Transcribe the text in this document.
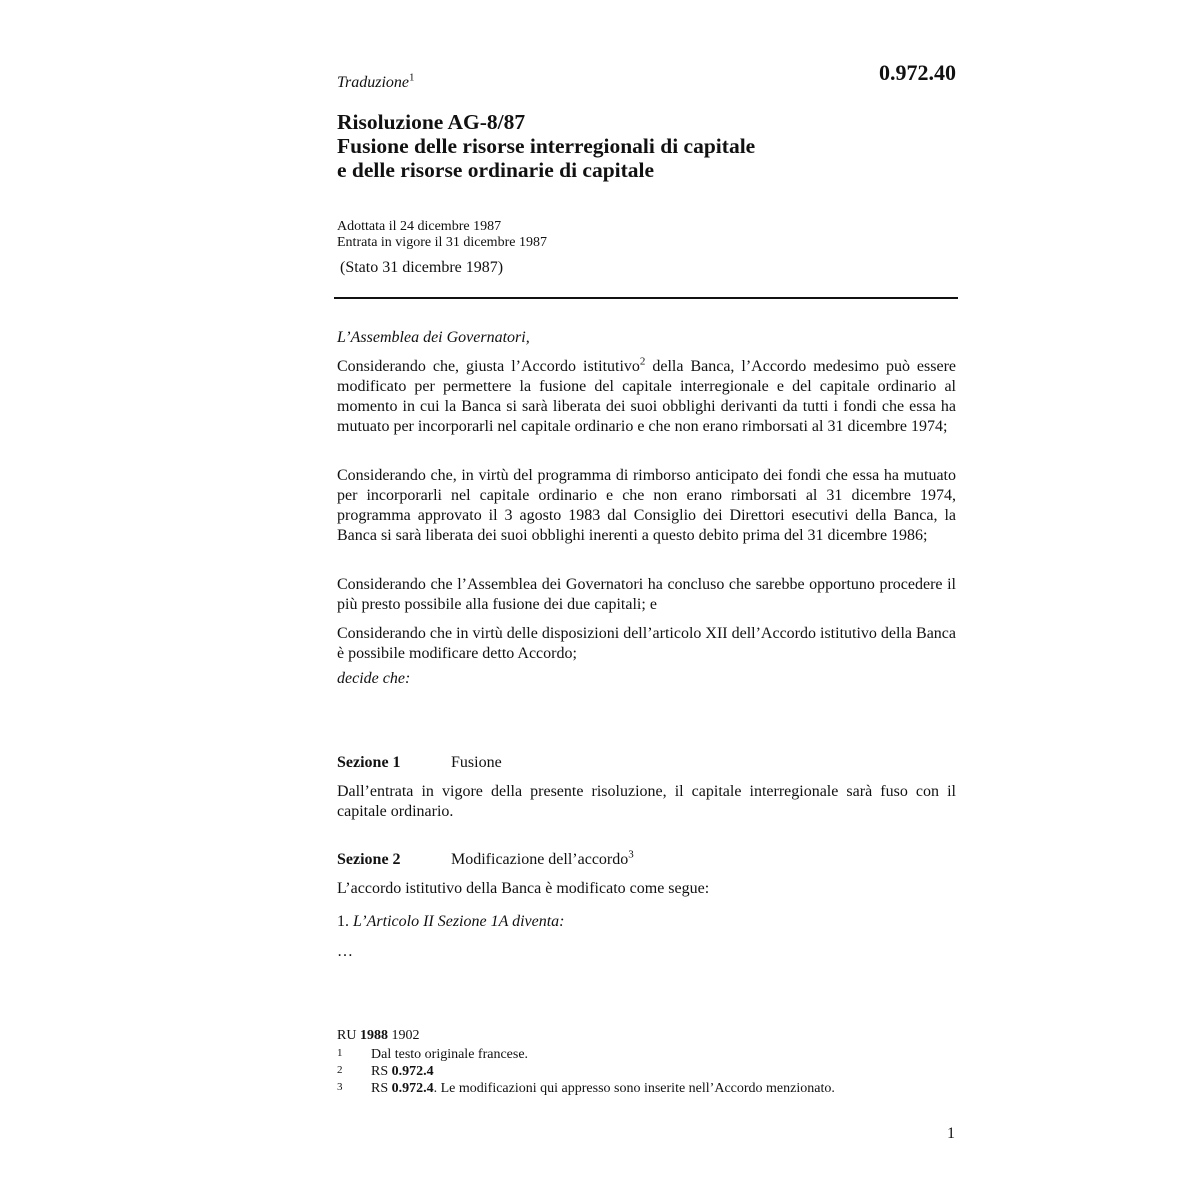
Traduzione$^1$	0.972.40
Risoluzione AG-8/87
Fusione delle risorse interregionali di capitale
e delle risorse ordinarie di capitale
Adottata il 24 dicembre 1987
Entrata in vigore il 31 dicembre 1987
(Stato 31 dicembre 1987)
L’Assemblea dei Governatori,
Considerando che, giusta l’Accordo istitutivo$^2$ della Banca, l’Accordo medesimo può essere modificato per permettere la fusione del capitale interregionale e del capitale ordinario al momento in cui la Banca si sarà liberata dei suoi obblighi derivanti da tutti i fondi che essa ha mutuato per incorporarli nel capitale ordinario e che non erano rimborsati al 31 dicembre 1974;
Considerando che, in virtù del programma di rimborso anticipato dei fondi che essa ha mutuato per incorporarli nel capitale ordinario e che non erano rimborsati al 31 dicembre 1974, programma approvato il 3 agosto 1983 dal Consiglio dei Direttori esecutivi della Banca, la Banca si sarà liberata dei suoi obblighi inerenti a questo debito prima del 31 dicembre 1986;
Considerando che l’Assemblea dei Governatori ha concluso che sarebbe opportuno procedere il più presto possibile alla fusione dei due capitali; e
Considerando che in virtù delle disposizioni dell’articolo XII dell’Accordo istitutivo della Banca è possibile modificare detto Accordo;
decide che:
Sezione 1	Fusione
Dall’entrata in vigore della presente risoluzione, il capitale interregionale sarà fuso con il capitale ordinario.
Sezione 2	Modificazione dell’accordo$^3$
L’accordo istitutivo della Banca è modificato come segue:
1. L’Articolo II Sezione 1A diventa:
…
RU 1988 1902
1 Dal testo originale francese.
2 RS 0.972.4
3 RS 0.972.4. Le modificazioni qui appresso sono inserite nell’Accordo menzionato.
1
